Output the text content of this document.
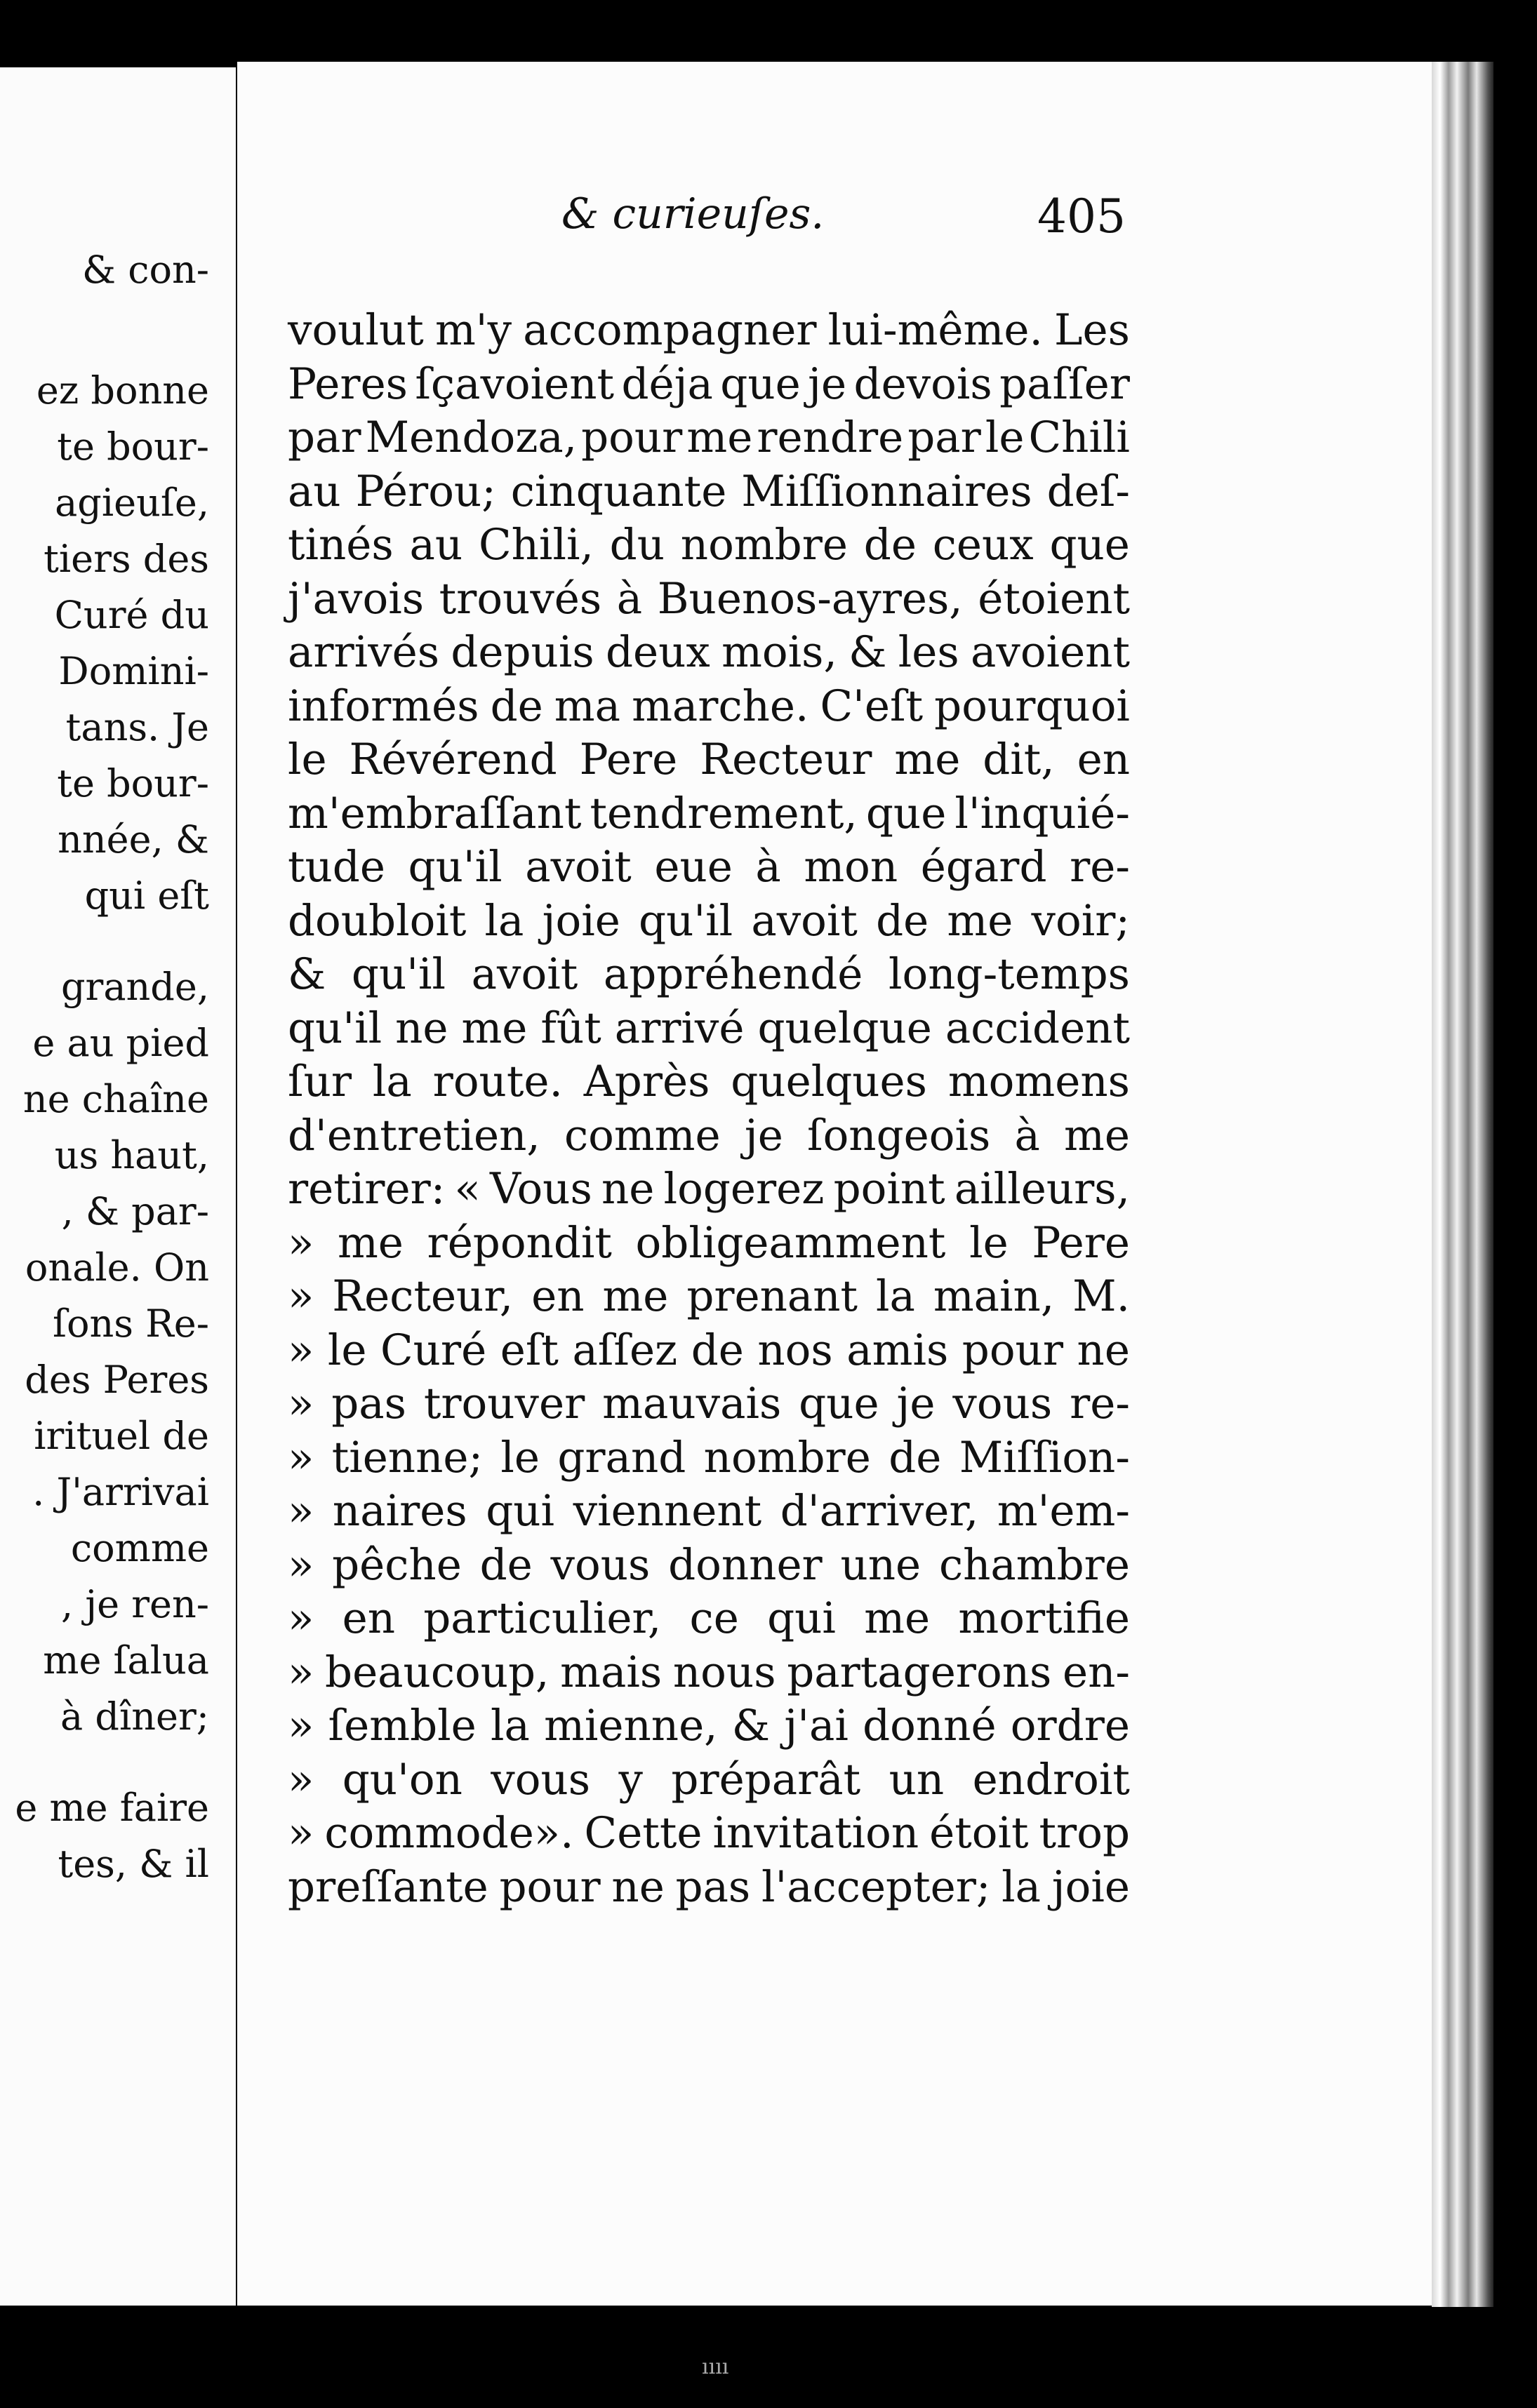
& con-
ez bonne
te bour-
agieuſe,
tiers des
Curé du
Domini-
tans. Je
te bour-
nnée, &
qui eſt
grande,
e au pied
ne chaîne
us haut,
, & par-
onale. On
ſons Re-
des Peres
irituel de
. J'arrivai
comme
, je ren-
me ſalua
à dîner;
e me faire
tes, & il
& curieuſes.	405
voulut m'y accompagner lui-même. Les
Peres ſçavoient déja que je devois paſſer
par Mendoza, pour me rendre par le Chili
au Pérou; cinquante Miſſionnaires deſ-
tinés au Chili, du nombre de ceux que
j'avois trouvés à Buenos-ayres, étoient
arrivés depuis deux mois, & les avoient
informés de ma marche. C'eſt pourquoi
le Révérend Pere Recteur me dit, en
m'embraſſant tendrement, que l'inquié-
tude qu'il avoit eue à mon égard re-
doubloit la joie qu'il avoit de me voir;
& qu'il avoit appréhendé long-temps
qu'il ne me fût arrivé quelque accident
ſur la route. Après quelques momens
d'entretien, comme je ſongeois à me
retirer: « Vous ne logerez point ailleurs,
» me répondit obligeamment le Pere
» Recteur, en me prenant la main, M.
» le Curé eſt aſſez de nos amis pour ne
» pas trouver mauvais que je vous re-
» tienne; le grand nombre de Miſſion-
» naires qui viennent d'arriver, m'em-
» pêche de vous donner une chambre
» en particulier, ce qui me mortifie
» beaucoup, mais nous partagerons en-
» ſemble la mienne, & j'ai donné ordre
» qu'on vous y préparât un endroit
» commode». Cette invitation étoit trop
preſſante pour ne pas l'accepter; la joie
ıııı
